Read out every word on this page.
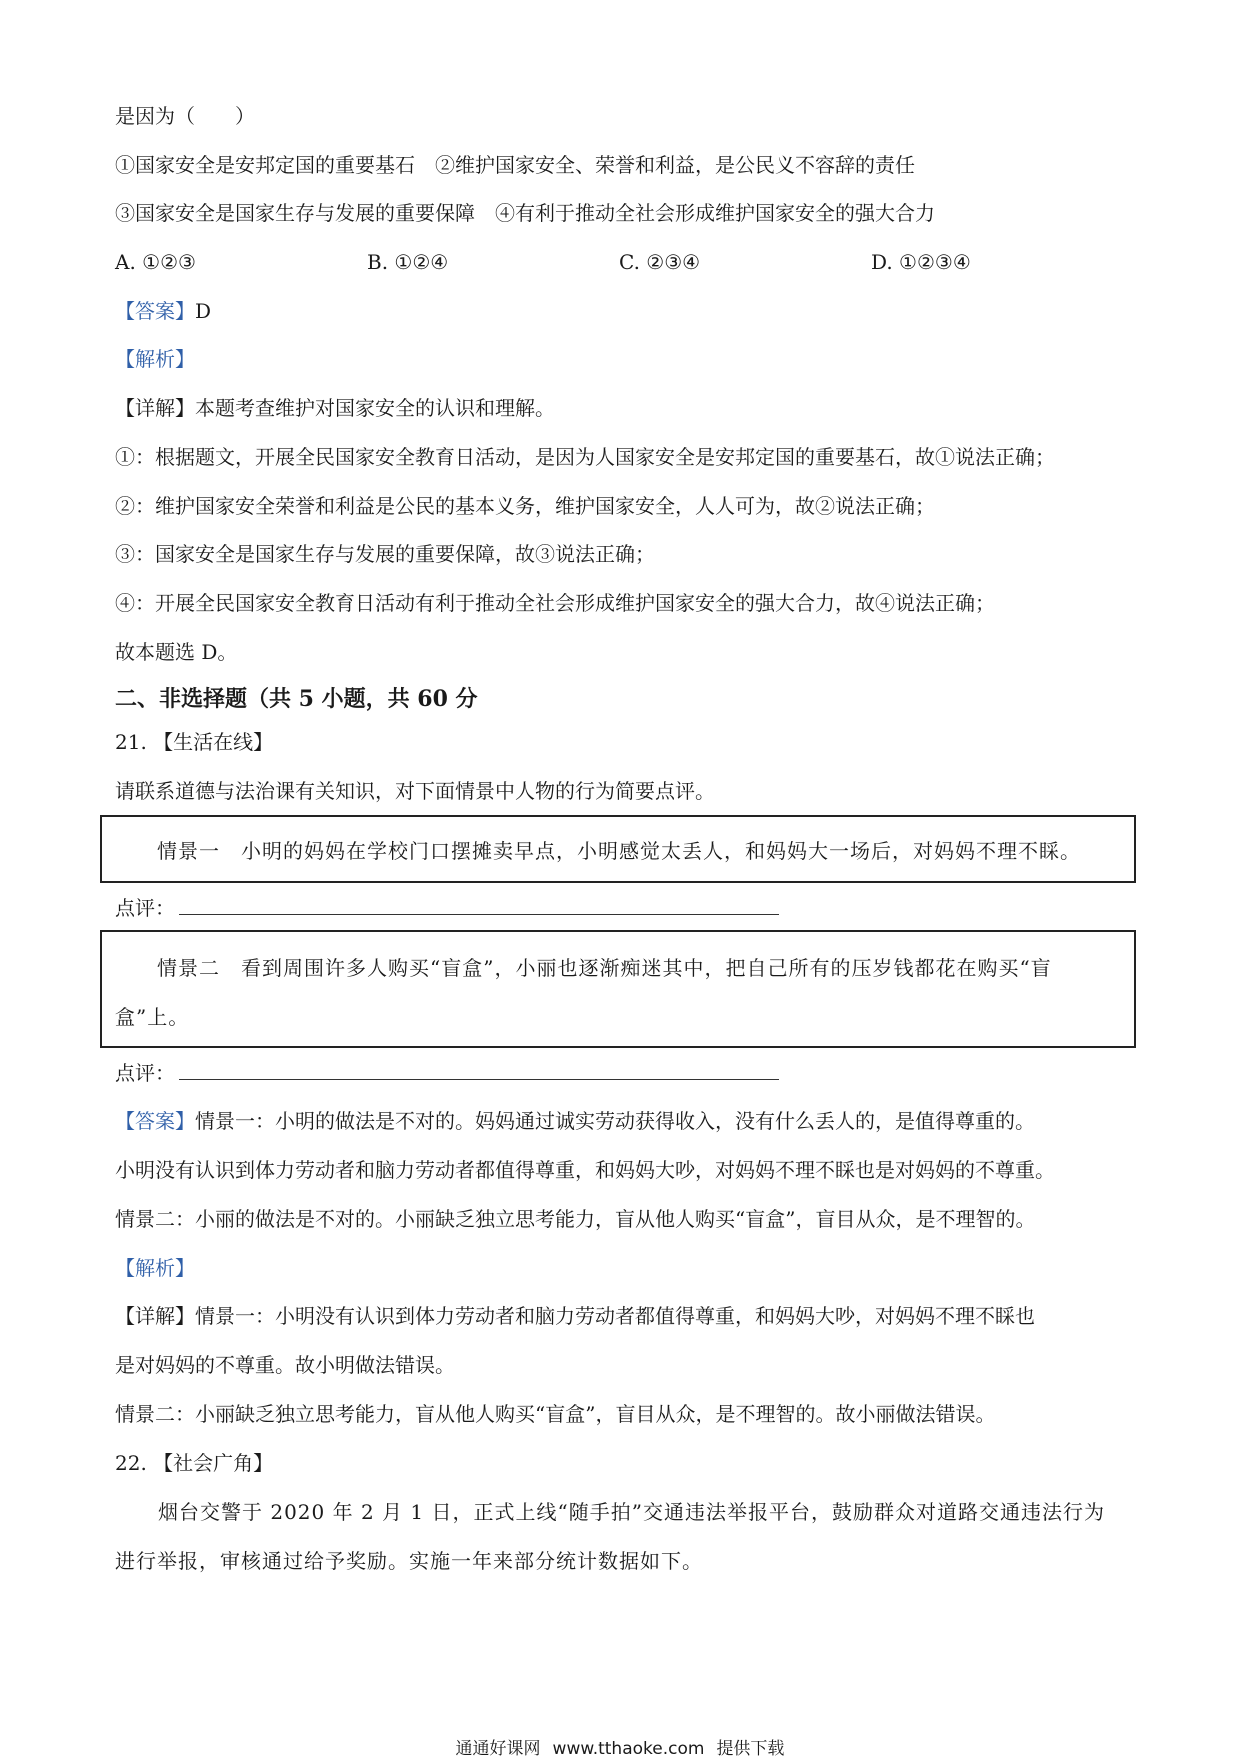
是因为（　　）
①国家安全是安邦定国的重要基石　②维护国家安全、荣誉和利益，是公民义不容辞的责任
③国家安全是国家生存与发展的重要保障　④有利于推动全社会形成维护国家安全的强大合力
A. ①②③	B. ①②④	C. ②③④	D. ①②③④
【答案】D
【解析】
【详解】本题考查维护对国家安全的认识和理解。
①：根据题文，开展全民国家安全教育日活动，是因为人国家安全是安邦定国的重要基石，故①说法正确；
②：维护国家安全荣誉和利益是公民的基本义务，维护国家安全，人人可为，故②说法正确；
③：国家安全是国家生存与发展的重要保障，故③说法正确；
④：开展全民国家安全教育日活动有利于推动全社会形成维护国家安全的强大合力，故④说法正确；
故本题选 D。
二、非选择题（共 5 小题，共 60 分
21. 【生活在线】
请联系道德与法治课有关知识，对下面情景中人物的行为简要点评。
情景一　小明的妈妈在学校门口摆摊卖早点，小明感觉太丢人，和妈妈大一场后，对妈妈不理不睬。
点评：
情景二　看到周围许多人购买“盲盒”，小丽也逐渐痴迷其中，把自己所有的压岁钱都花在购买“盲
盒”上。
点评：
【答案】情景一：小明的做法是不对的。妈妈通过诚实劳动获得收入，没有什么丢人的，是值得尊重的。
小明没有认识到体力劳动者和脑力劳动者都值得尊重，和妈妈大吵，对妈妈不理不睬也是对妈妈的不尊重。
情景二：小丽的做法是不对的。小丽缺乏独立思考能力，盲从他人购买“盲盒”，盲目从众，是不理智的。
【解析】
【详解】情景一：小明没有认识到体力劳动者和脑力劳动者都值得尊重，和妈妈大吵，对妈妈不理不睬也
是对妈妈的不尊重。故小明做法错误。
情景二：小丽缺乏独立思考能力，盲从他人购买“盲盒”，盲目从众，是不理智的。故小丽做法错误。
22. 【社会广角】
烟台交警于 2020 年 2 月 1 日，正式上线“随手拍”交通违法举报平台，鼓励群众对道路交通违法行为
进行举报，审核通过给予奖励。实施一年来部分统计数据如下。
通通好课网 www.tthaoke.com 提供下载
